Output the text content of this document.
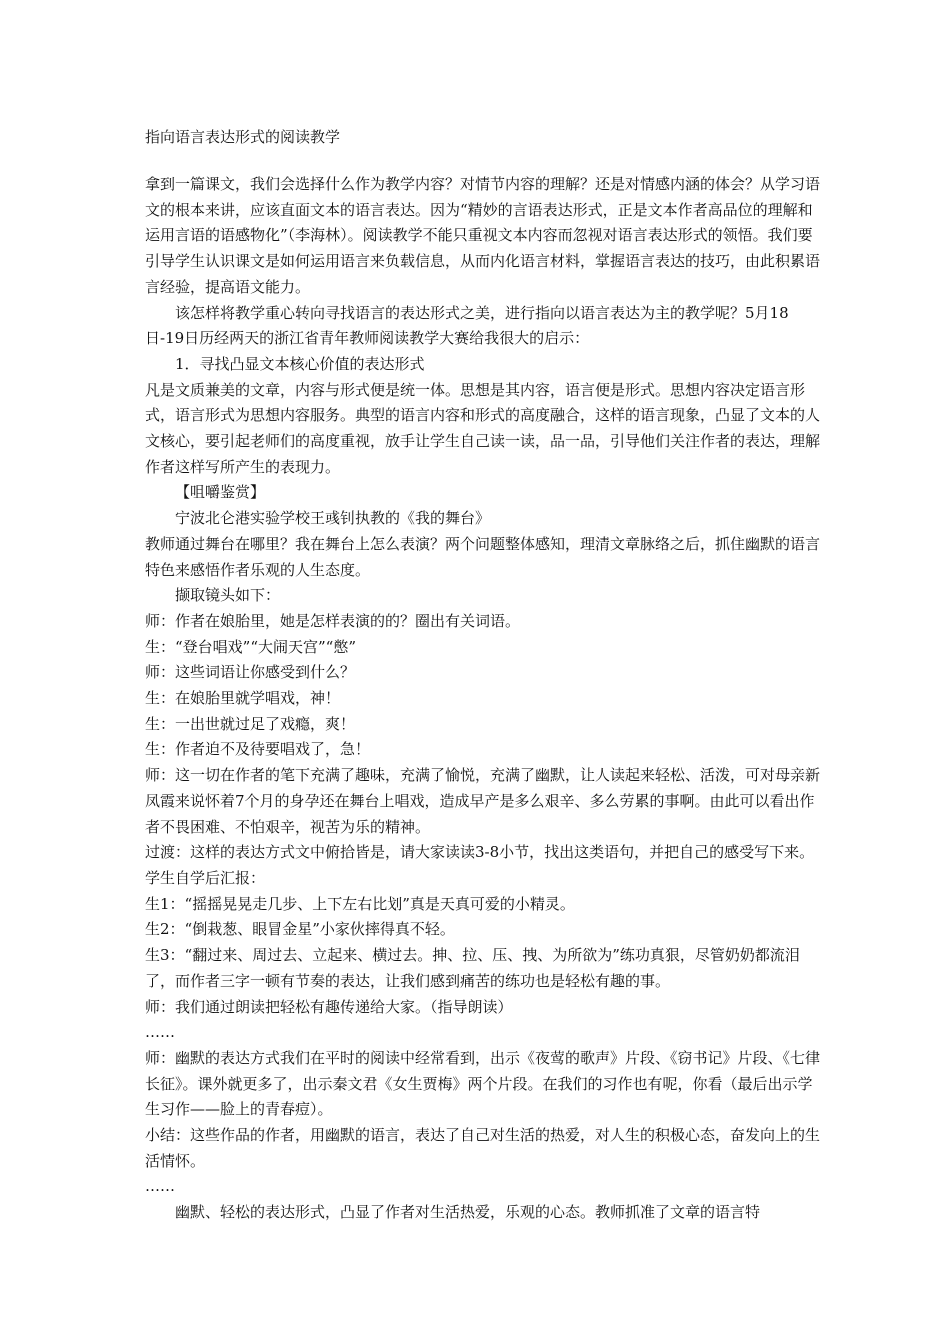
指向语言表达形式的阅读教学

拿到一篇课文，我们会选择什么作为教学内容？对情节内容的理解？还是对情感内涵的体会？从学习语文的根本来讲，应该直面文本的语言表达。因为“精妙的言语表达形式，正是文本作者高品位的理解和运用言语的语感物化”（李海林）。阅读教学不能只重视文本内容而忽视对语言表达形式的领悟。我们要引导学生认识课文是如何运用语言来负载信息，从而内化语言材料，掌握语言表达的技巧，由此积累语言经验，提高语文能力。

该怎样将教学重心转向寻找语言的表达形式之美，进行指向以语言表达为主的教学呢？5月18日-19日历经两天的浙江省青年教师阅读教学大赛给我很大的启示：

1．寻找凸显文本核心价值的表达形式

凡是文质兼美的文章，内容与形式便是统一体。思想是其内容，语言便是形式。思想内容决定语言形式，语言形式为思想内容服务。典型的语言内容和形式的高度融合，这样的语言现象，凸显了文本的人文核心，要引起老师们的高度重视，放手让学生自己读一读，品一品，引导他们关注作者的表达，理解作者这样写所产生的表现力。

【咀嚼鉴赏】

宁波北仑港实验学校王彧钊执教的《我的舞台》

教师通过舞台在哪里？我在舞台上怎么表演？两个问题整体感知，理清文章脉络之后，抓住幽默的语言特色来感悟作者乐观的人生态度。

撷取镜头如下：

师：作者在娘胎里，她是怎样表演的的？圈出有关词语。

生：“登台唱戏”“大闹天宫”“憋”

师：这些词语让你感受到什么？

生：在娘胎里就学唱戏，神！

生：一出世就过足了戏瘾，爽！

生：作者迫不及待要唱戏了，急！

师：这一切在作者的笔下充满了趣味，充满了愉悦，充满了幽默，让人读起来轻松、活泼，可对母亲新凤霞来说怀着7个月的身孕还在舞台上唱戏，造成早产是多么艰辛、多么劳累的事啊。由此可以看出作者不畏困难、不怕艰辛，视苦为乐的精神。

过渡：这样的表达方式文中俯拾皆是，请大家读读3-8小节，找出这类语句，并把自己的感受写下来。

学生自学后汇报：

生1：“摇摇晃晃走几步、上下左右比划”真是天真可爱的小精灵。

生2：“倒栽葱、眼冒金星”小家伙摔得真不轻。

生3：“翻过来、周过去、立起来、横过去。抻、拉、压、拽、为所欲为”练功真狠，尽管奶奶都流泪了，而作者三字一顿有节奏的表达，让我们感到痛苦的练功也是轻松有趣的事。

师：我们通过朗读把轻松有趣传递给大家。（指导朗读）

……

师：幽默的表达方式我们在平时的阅读中经常看到，出示《夜莺的歌声》片段、《窃书记》片段、《七律长征》。课外就更多了，出示秦文君《女生贾梅》两个片段。在我们的习作也有呢，你看（最后出示学生习作——脸上的青春痘）。

小结：这些作品的作者，用幽默的语言，表达了自己对生活的热爱，对人生的积极心态，奋发向上的生活情怀。

……

幽默、轻松的表达形式，凸显了作者对生活热爱，乐观的心态。教师抓准了文章的语言特
